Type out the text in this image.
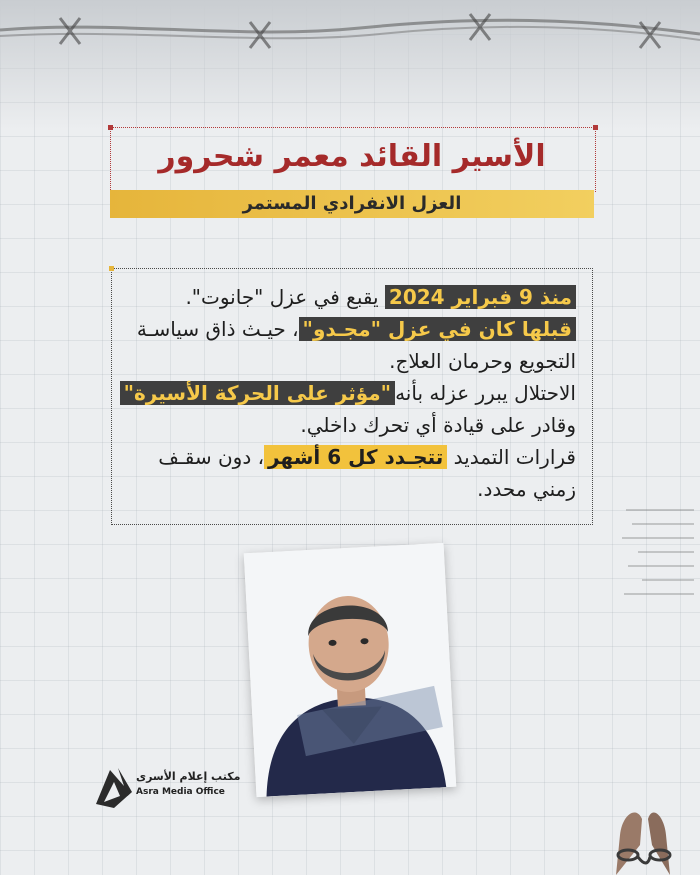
الأسير القائد معمر شحرور
العزل الانفرادي المستمر
منذ 9 فبراير 2024 يقبع في عزل "جانوت".
قبلها كان في عزل "مجـدو"، حيـث ذاق سياسـة
التجويع وحرمان العلاج.
الاحتلال يبرر عزله بأنه"مؤثر على الحركة الأسيرة"
وقادر على قيادة أي تحرك داخلي.
قرارات التمديد تتجـدد كل 6 أشهر، دون سقـف
زمني محدد.
مكتب إعلام الأسرى
Asra Media Office
